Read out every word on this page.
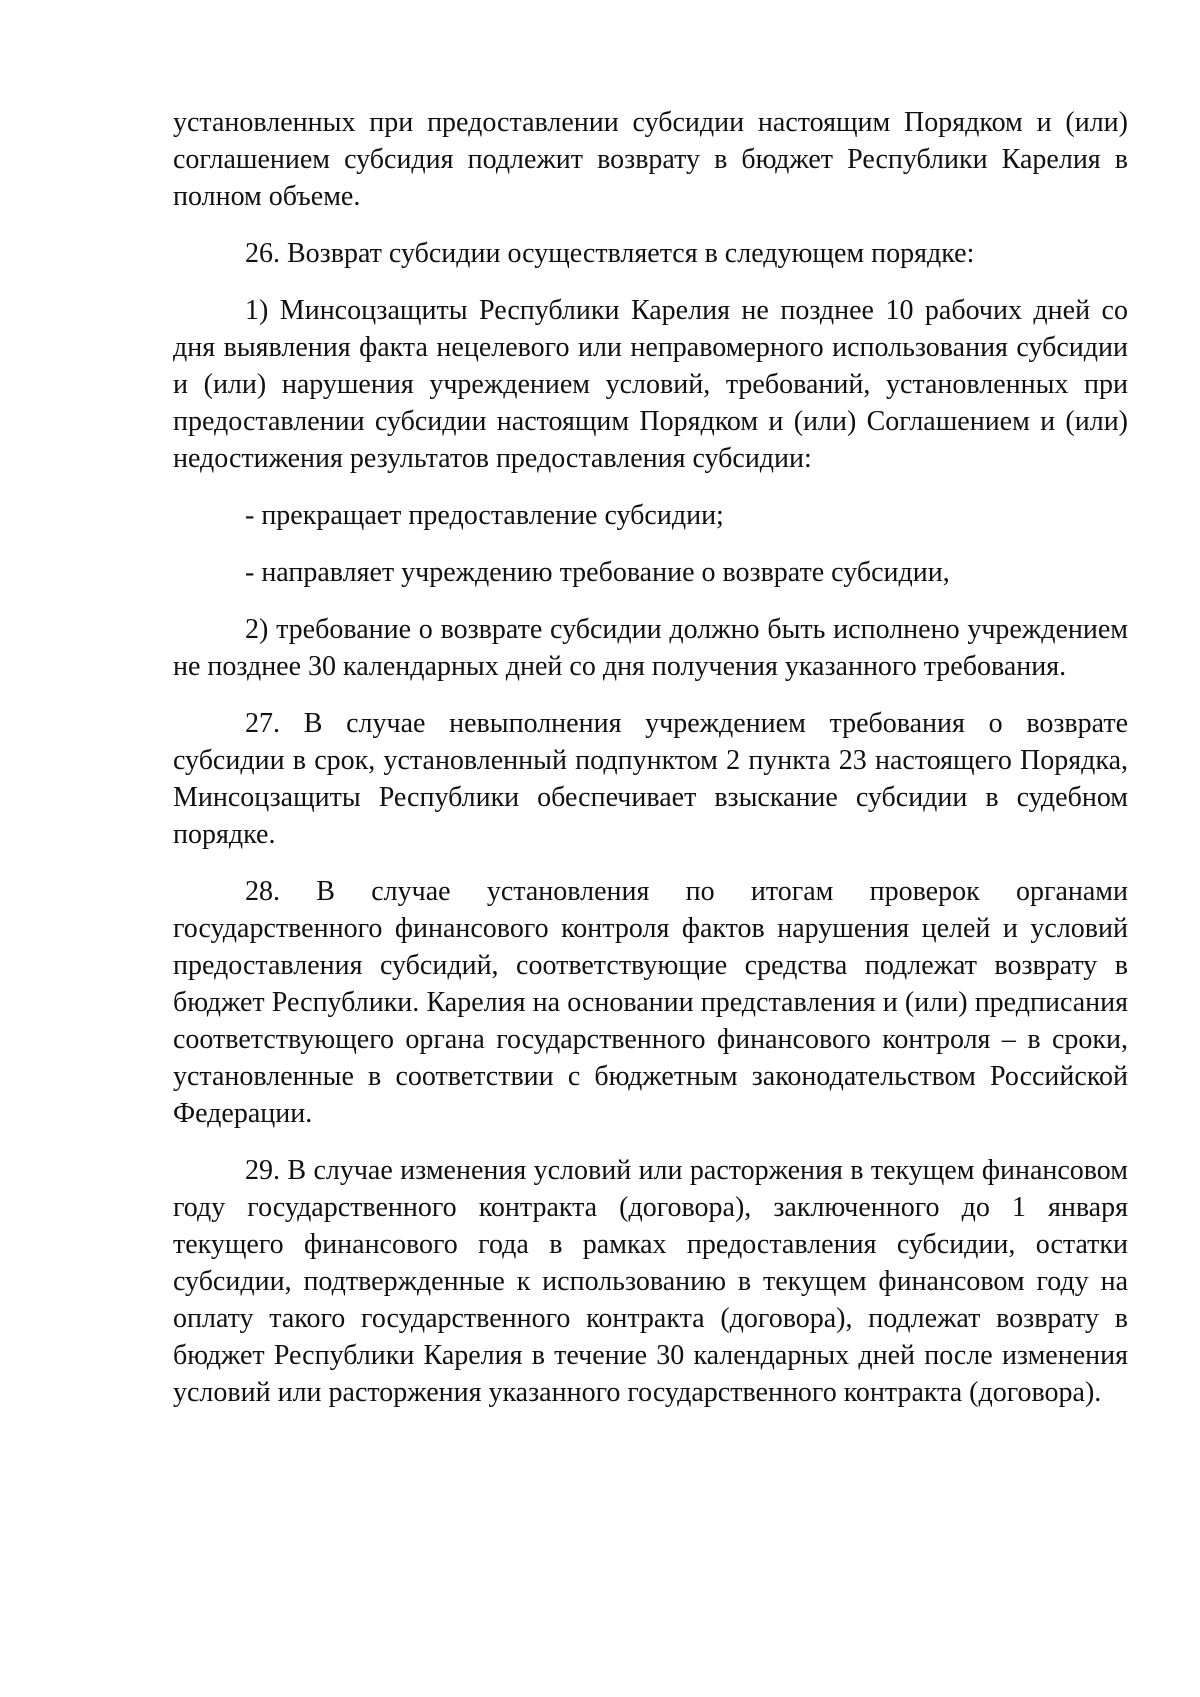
установленных при предоставлении субсидии настоящим Порядком и (или) соглашением субсидия подлежит возврату в бюджет Республики Карелия в полном объеме.

26. Возврат субсидии осуществляется в следующем порядке:

1) Минсоцзащиты Республики Карелия не позднее 10 рабочих дней со дня выявления факта нецелевого или неправомерного использования субсидии и (или) нарушения учреждением условий, требований, установленных при предоставлении субсидии настоящим Порядком и (или) Соглашением и (или) недостижения результатов предоставления субсидии:

- прекращает предоставление субсидии;

- направляет учреждению требование о возврате субсидии,

2) требование о возврате субсидии должно быть исполнено учреждением не позднее 30 календарных дней со дня получения указанного требования.

27. В случае невыполнения учреждением требования о возврате субсидии в срок, установленный подпунктом 2 пункта 23 настоящего Порядка, Минсоцзащиты Республики обеспечивает взыскание субсидии в судебном порядке.

28. В случае установления по итогам проверок органами государственного финансового контроля фактов нарушения целей и условий предоставления субсидий, соответствующие средства подлежат возврату в бюджет Республики. Карелия на основании представления и (или) предписания соответствующего органа государственного финансового контроля – в сроки, установленные в соответствии с бюджетным законодательством Российской Федерации.

29. В случае изменения условий или расторжения в текущем финансовом году государственного контракта (договора), заключенного до 1 января текущего финансового года в рамках предоставления субсидии, остатки субсидии, подтвержденные к использованию в текущем финансовом году на оплату такого государственного контракта (договора), подлежат возврату в бюджет Республики Карелия в течение 30 календарных дней после изменения условий или расторжения указанного государственного контракта (договора).
